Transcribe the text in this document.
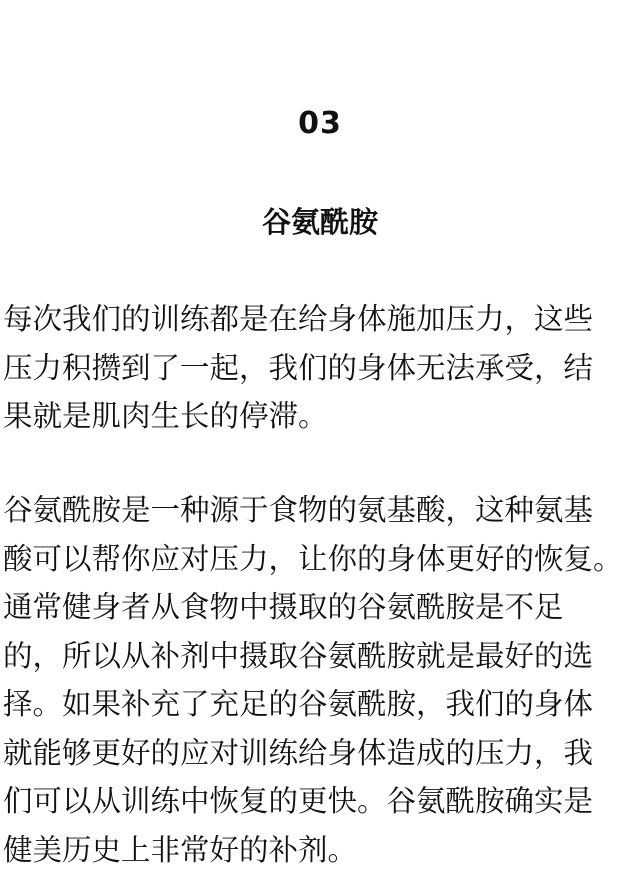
03
谷氨酰胺

每次我们的训练都是在给身体施加压力，这些
压力积攒到了一起，我们的身体无法承受，结
果就是肌肉生长的停滞。

谷氨酰胺是一种源于食物的氨基酸，这种氨基
酸可以帮你应对压力，让你的身体更好的恢复。
通常健身者从食物中摄取的谷氨酰胺是不足
的，所以从补剂中摄取谷氨酰胺就是最好的选
择。如果补充了充足的谷氨酰胺，我们的身体
就能够更好的应对训练给身体造成的压力，我
们可以从训练中恢复的更快。谷氨酰胺确实是
健美历史上非常好的补剂。
